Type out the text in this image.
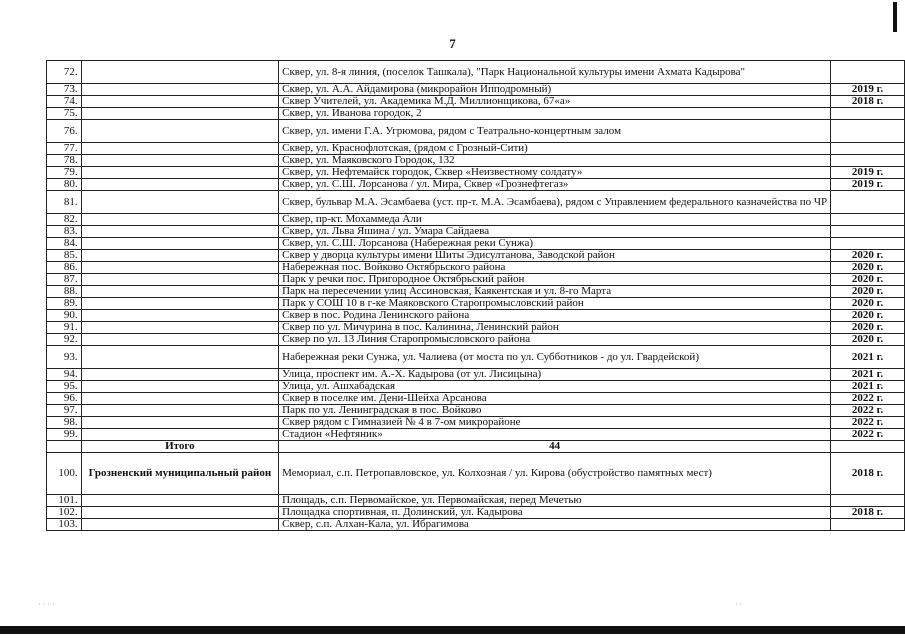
7
72.		Сквер, ул. 8-я линия, (поселок Ташкала), "Парк Национальной культуры имени Ахмата Кадырова"	
73.		Сквер, ул. А.А. Айдамирова (микрорайон Ипподромный)	2019 г.
74.		Сквер Учителей, ул. Академика М.Д. Миллионщикова, 67«а»	2018 г.
75.		Сквер, ул. Иванова городок, 2	
76.		Сквер, ул. имени Г.А. Угрюмова, рядом с Театрально-концертным залом	
77.		Сквер, ул. Краснофлотская, (рядом с Грозный-Сити)	
78.		Сквер, ул. Маяковского Городок, 132	
79.		Сквер, ул. Нефтемайск городок, Сквер «Неизвестному солдату»	2019 г.
80.		Сквер, ул. С.Ш. Лорсанова / ул. Мира, Сквер «Грознефтегаз»	2019 г.
81.		Сквер, бульвар М.А. Эсамбаева (уст. пр-т. М.А. Эсамбаева), рядом с Управлением федерального казначейства по ЧР	
82.		Сквер, пр-кт. Мохаммеда Али	
83.		Сквер, ул. Льва Яшина / ул. Умара Сайдаева	
84.		Сквер, ул. С.Ш. Лорсанова (Набережная реки Сунжа)	
85.		Сквер у дворца культуры имени Шиты Эдисултанова, Заводской район	2020 г.
86.		Набережная пос. Войково Октябрьского района	2020 г.
87.		Парк у речки пос. Пригородное Октябрьский район	2020 г.
88.		Парк на пересечении улиц Ассиновская, Каякентская и ул. 8-го Марта	2020 г.
89.		Парк у СОШ 10 в г-ке Маяковского Старопромысловский район	2020 г.
90.		Сквер в пос. Родина Ленинского района	2020 г.
91.		Сквер по ул. Мичурина в пос. Калинина, Ленинский район	2020 г.
92.		Сквер по ул. 13 Линия Старопромысловского района	2020 г.
93.		Набережная реки Сунжа, ул. Чалиева (от моста по ул. Субботников - до ул. Гвардейской)	2021 г.
94.		Улица, проспект им. А.-Х. Кадырова (от ул. Лисицына)	2021 г.
95.		Улица, ул. Ашхабадская	2021 г.
96.		Сквер в поселке им. Дени-Шейха Арсанова	2022 г.
97.		Парк по ул. Ленинградская в пос. Войково	2022 г.
98.		Сквер рядом с Гимназией № 4 в 7-ом микрорайоне	2022 г.
99.		Стадион «Нефтяник»	2022 г.
	Итого	44	
100.	Грозненский муниципальный район	Мемориал, с.п. Петропавловское, ул. Колхозная / ул. Кирова (обустройство памятных мест)	2018 г.
101.		Площадь, с.п. Первомайское, ул. Первомайская, перед Мечетью	
102.		Площадка спортивная, п. Долинский, ул. Кадырова	2018 г.
103.		Сквер, с.п. Алхан-Кала, ул. Ибрагимова	
· · · ·	· ·
